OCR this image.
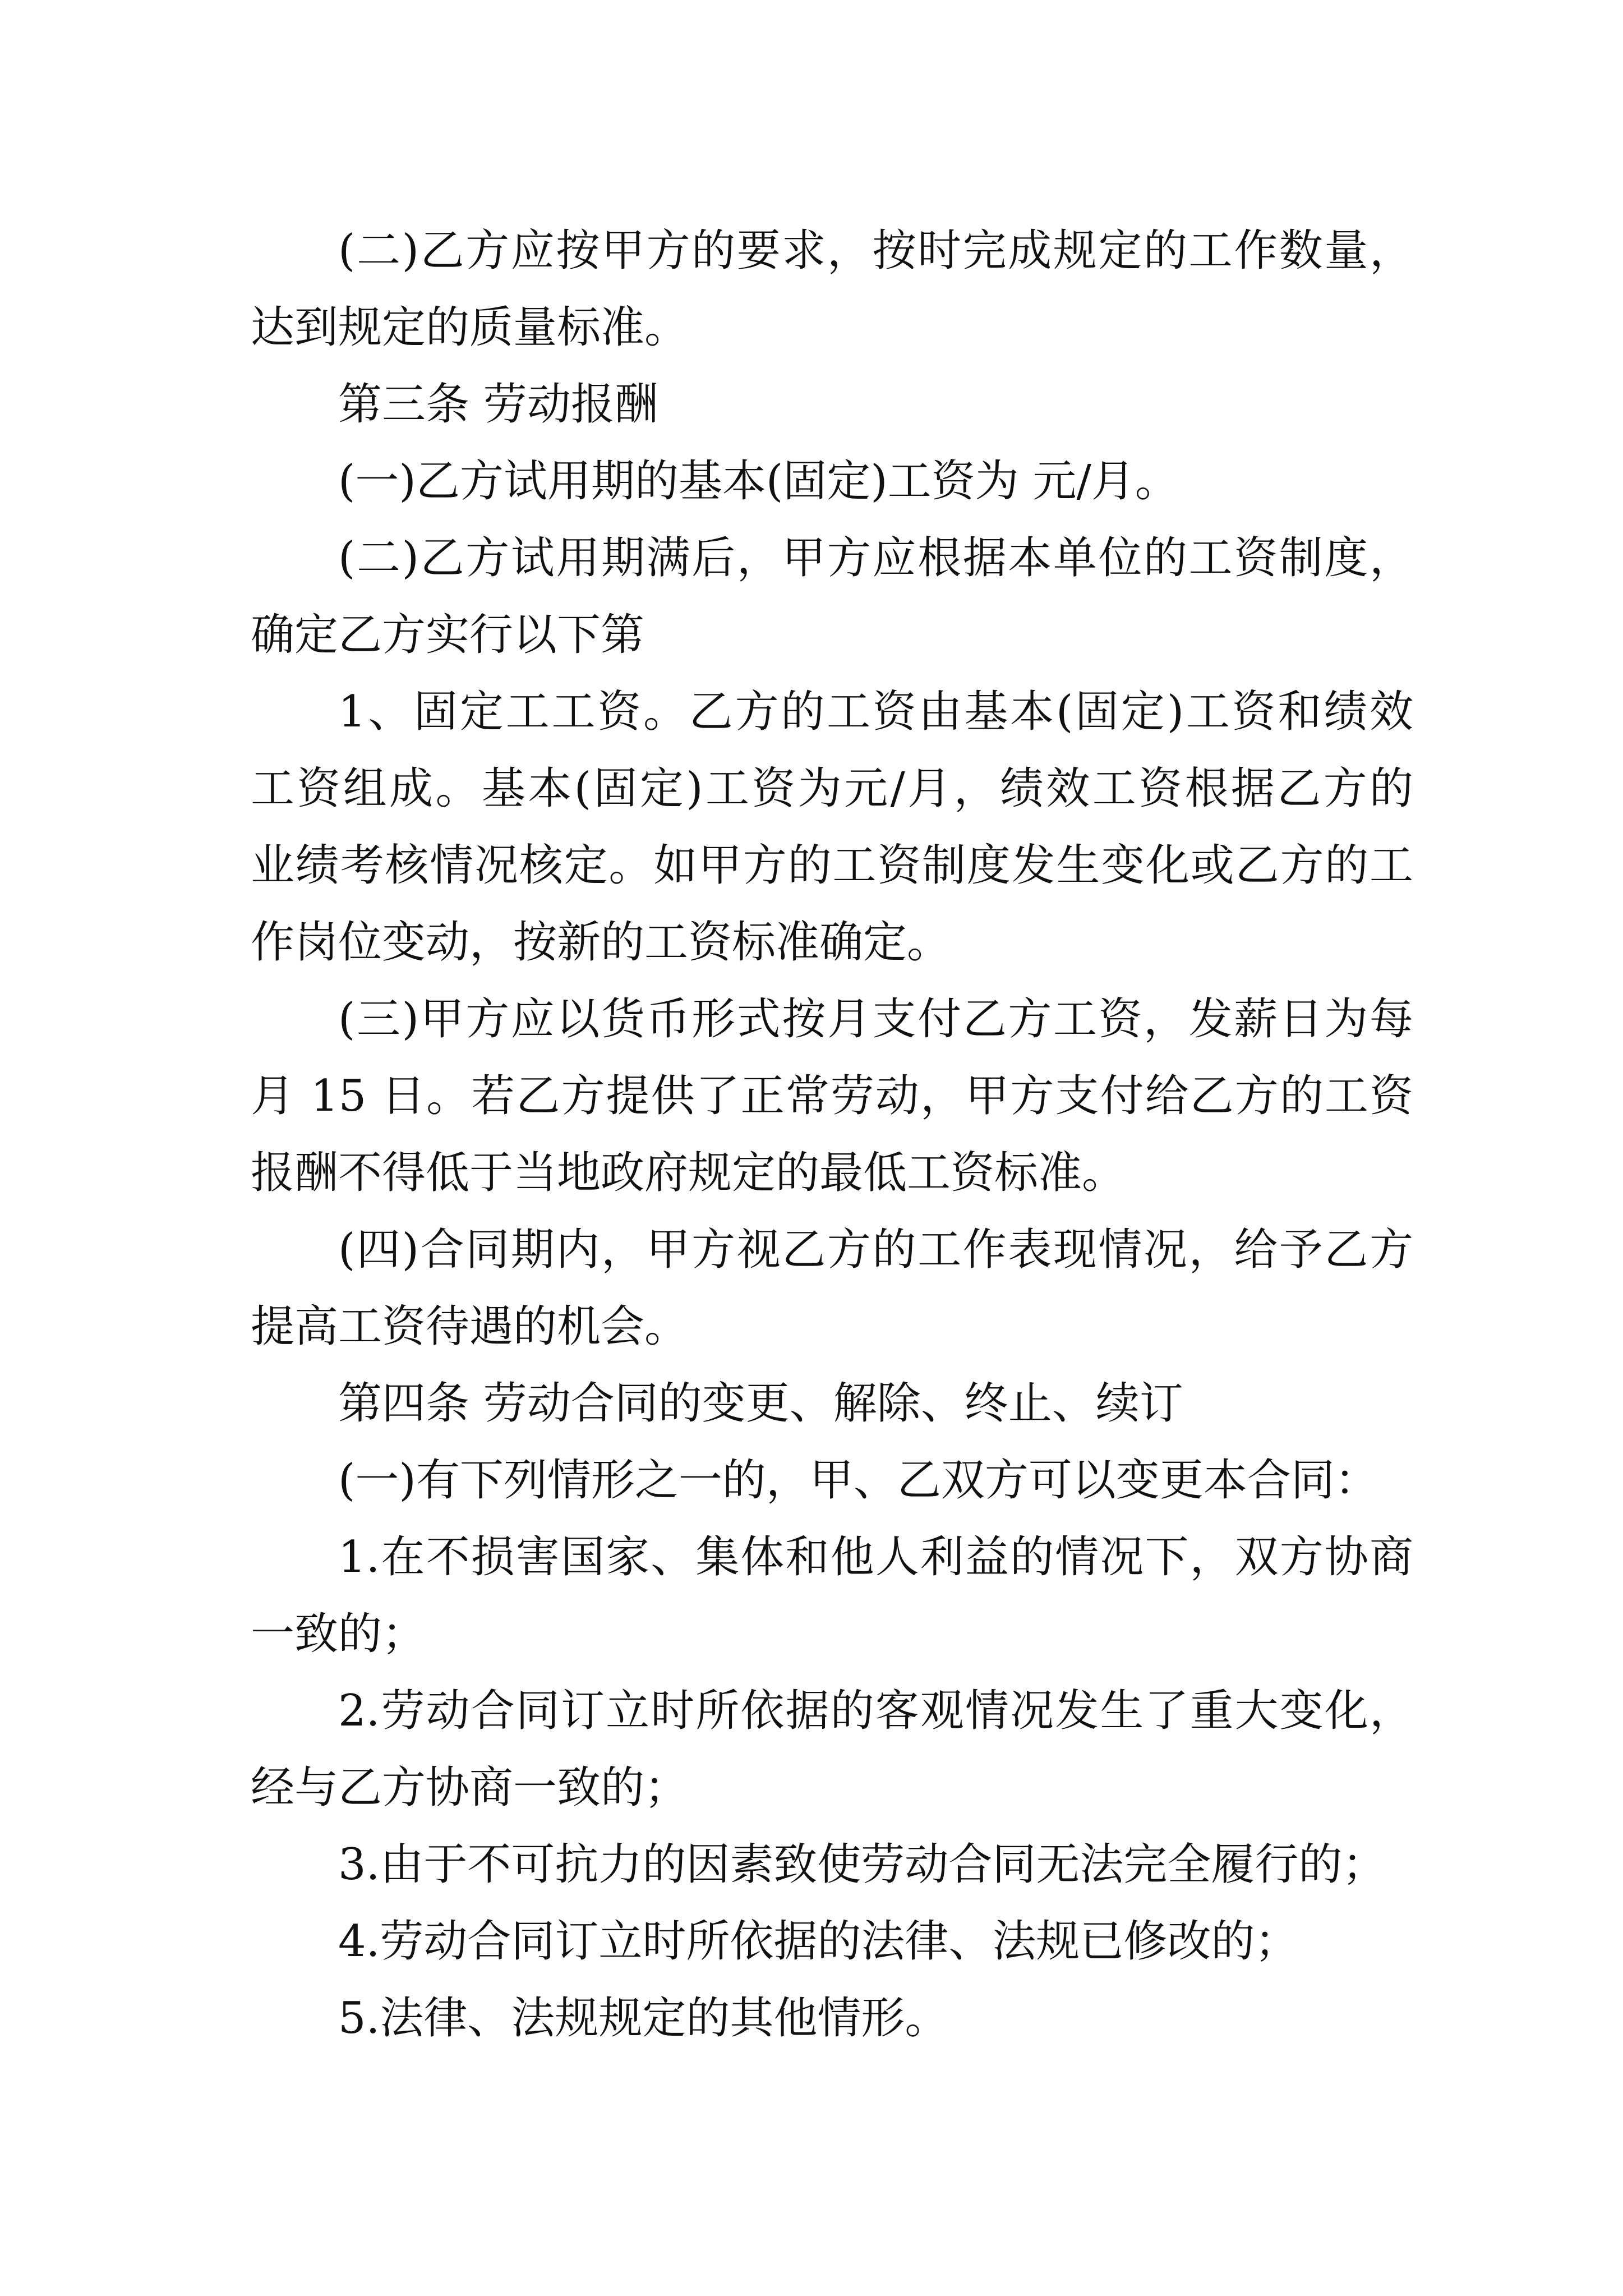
(二)乙方应按甲方的要求，按时完成规定的工作数量，
达到规定的质量标准。
第三条 劳动报酬
(一)乙方试用期的基本(固定)工资为 元/月。
(二)乙方试用期满后，甲方应根据本单位的工资制度，
确定乙方实行以下第
1、固定工工资。乙方的工资由基本(固定)工资和绩效
工资组成。基本(固定)工资为元/月，绩效工资根据乙方的
业绩考核情况核定。如甲方的工资制度发生变化或乙方的工
作岗位变动，按新的工资标准确定。
(三)甲方应以货币形式按月支付乙方工资，发薪日为每
月 15 日。若乙方提供了正常劳动，甲方支付给乙方的工资
报酬不得低于当地政府规定的最低工资标准。
(四)合同期内，甲方视乙方的工作表现情况，给予乙方
提高工资待遇的机会。
第四条 劳动合同的变更、解除、终止、续订
(一)有下列情形之一的，甲、乙双方可以变更本合同：
1.在不损害国家、集体和他人利益的情况下，双方协商
一致的；
2.劳动合同订立时所依据的客观情况发生了重大变化，
经与乙方协商一致的；
3.由于不可抗力的因素致使劳动合同无法完全履行的；
4.劳动合同订立时所依据的法律、法规已修改的；
5.法律、法规规定的其他情形。
